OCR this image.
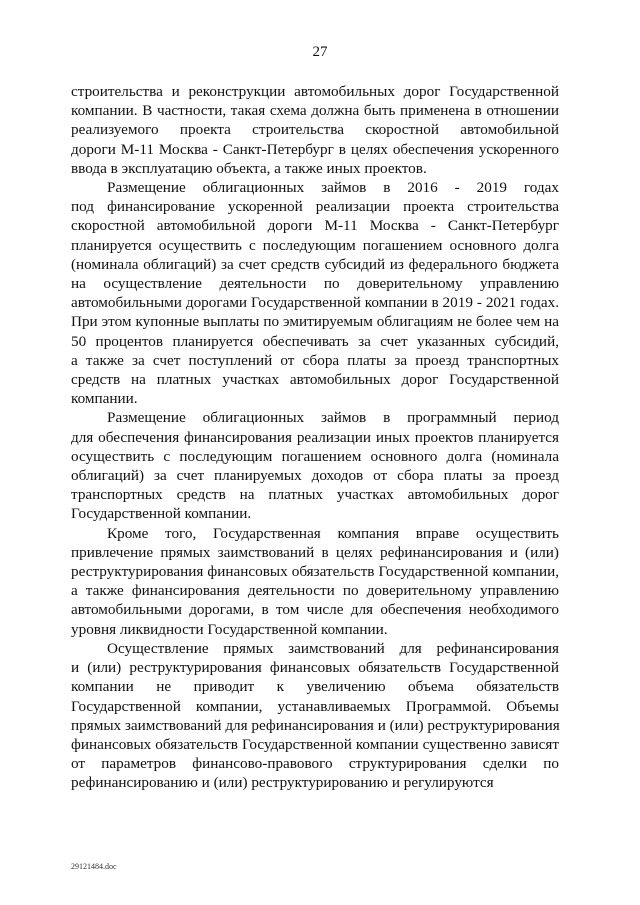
27
строительства и реконструкции автомобильных дорог Государственной
компании. В частности, такая схема должна быть применена в отношении
реализуемого проекта строительства скоростной автомобильной
дороги М-11 Москва - Санкт-Петербург в целях обеспечения ускоренного
ввода в эксплуатацию объекта, а также иных проектов.
Размещение облигационных займов в 2016 - 2019 годах
под финансирование ускоренной реализации проекта строительства
скоростной автомобильной дороги М-11 Москва - Санкт-Петербург
планируется осуществить с последующим погашением основного долга
(номинала облигаций) за счет средств субсидий из федерального бюджета
на осуществление деятельности по доверительному управлению
автомобильными дорогами Государственной компании в 2019 - 2021 годах.
При этом купонные выплаты по эмитируемым облигациям не более чем на
50 процентов планируется обеспечивать за счет указанных субсидий,
а также за счет поступлений от сбора платы за проезд транспортных
средств на платных участках автомобильных дорог Государственной
компании.
Размещение облигационных займов в программный период
для обеспечения финансирования реализации иных проектов планируется
осуществить с последующим погашением основного долга (номинала
облигаций) за счет планируемых доходов от сбора платы за проезд
транспортных средств на платных участках автомобильных дорог
Государственной компании.
Кроме того, Государственная компания вправе осуществить
привлечение прямых заимствований в целях рефинансирования и (или)
реструктурирования финансовых обязательств Государственной компании,
а также финансирования деятельности по доверительному управлению
автомобильными дорогами, в том числе для обеспечения необходимого
уровня ликвидности Государственной компании.
Осуществление прямых заимствований для рефинансирования
и (или) реструктурирования финансовых обязательств Государственной
компании не приводит к увеличению объема обязательств
Государственной компании, устанавливаемых Программой. Объемы
прямых заимствований для рефинансирования и (или) реструктурирования
финансовых обязательств Государственной компании существенно зависят
от параметров финансово-правового структурирования сделки по
рефинансированию и (или) реструктурированию и регулируются
29121484.doc
